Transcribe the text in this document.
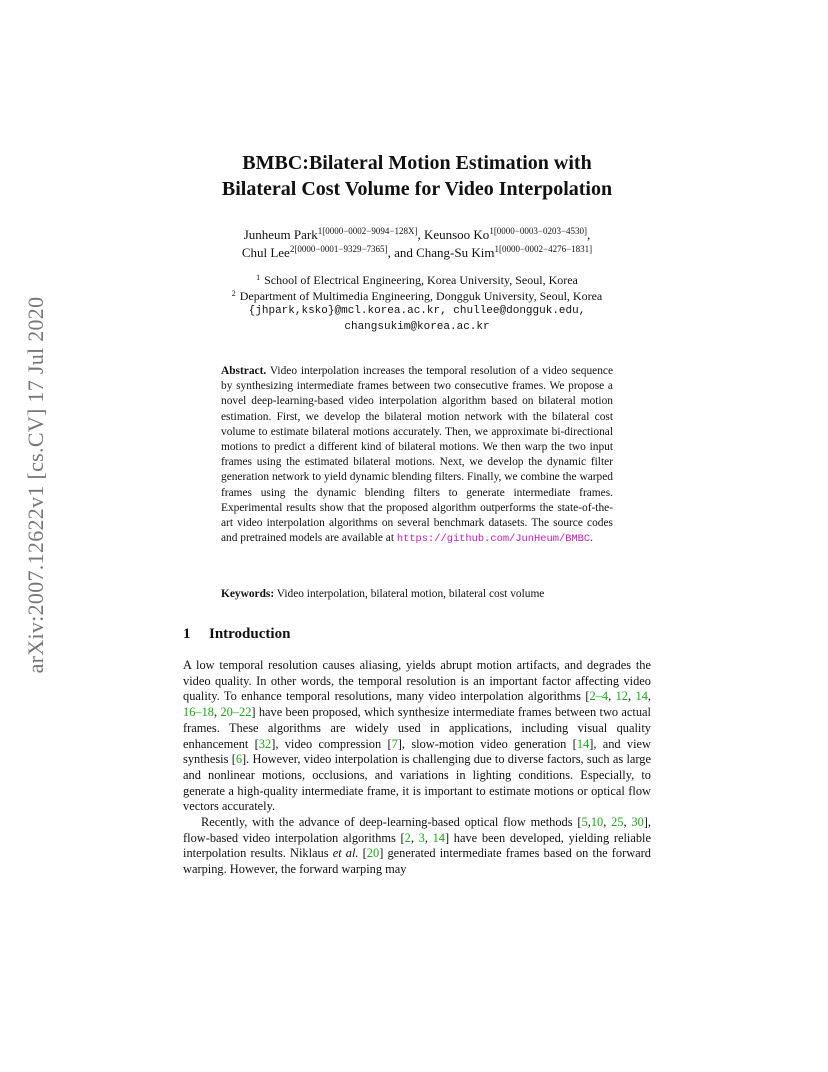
arXiv:2007.12622v1 [cs.CV] 17 Jul 2020
BMBC:Bilateral Motion Estimation with
Bilateral Cost Volume for Video Interpolation
Junheum Park$^{1[0000-0002-9094-128X]}$, Keunsoo $Ko^{1[0000-0003-0203-4530]}$,
Chul Lee$^{2[0000-0001-9329-7365]}$, and Chang-Su Kim$^{1[0000-0002-4276-1831]}$
$^1$ School of Electrical Engineering, Korea University, Seoul, Korea
$^2$ Department of Multimedia Engineering, Dongguk University, Seoul, Korea
{jhpark,ksko}@mcl.korea.ac.kr, chullee@dongguk.edu,
changsukim@korea.ac.kr
Abstract. Video interpolation increases the temporal resolution of a video sequence by synthesizing intermediate frames between two consecutive frames. We propose a novel deep-learning-based video interpolation algorithm based on bilateral motion estimation. First, we develop the bilateral motion network with the bilateral cost volume to estimate bilateral motions accurately. Then, we approximate bi-directional motions to predict a different kind of bilateral motions. We then warp the two input frames using the estimated bilateral motions. Next, we develop the dynamic filter generation network to yield dynamic blending filters. Finally, we combine the warped frames using the dynamic blending filters to generate intermediate frames. Experimental results show that the proposed algorithm outperforms the state-of-the-art video interpolation algorithms on several benchmark datasets. The source codes and pretrained models are available at https://github.com/JunHeum/BMBC.
Keywords: Video interpolation, bilateral motion, bilateral cost volume
1 Introduction

A low temporal resolution causes aliasing, yields abrupt motion artifacts, and degrades the video quality. In other words, the temporal resolution is an important factor affecting video quality. To enhance temporal resolutions, many video interpolation algorithms [2–4, 12, 14, 16–18, 20–22] have been proposed, which synthesize intermediate frames between two actual frames. These algorithms are widely used in applications, including visual quality enhancement [32], video compression [7], slow-motion video generation [14], and view synthesis [6]. However, video interpolation is challenging due to diverse factors, such as large and nonlinear motions, occlusions, and variations in lighting conditions. Especially, to generate a high-quality intermediate frame, it is important to estimate motions or optical flow vectors accurately.

Recently, with the advance of deep-learning-based optical flow methods [5,10, 25, 30], flow-based video interpolation algorithms [2, 3, 14] have been developed, yielding reliable interpolation results. Niklaus et al. [20] generated intermediate frames based on the forward warping. However, the forward warping may
